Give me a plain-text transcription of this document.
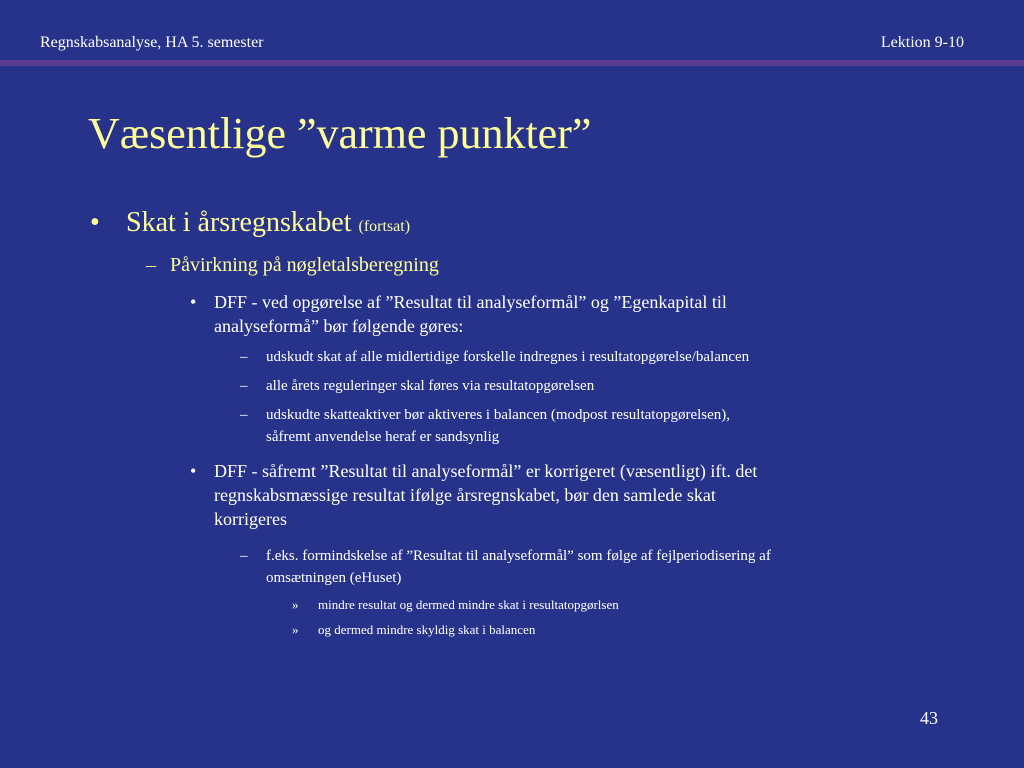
Regnskabsanalyse, HA 5. semester	Lektion 9-10
Væsentlige ”varme punkter”
• Skat i årsregnskabet (fortsat)
– Påvirkning på nøgletalsberegning
• DFF - ved opgørelse af ”Resultat til analyseformål” og ”Egenkapital til
analyseformå” bør følgende gøres:
– udskudt skat af alle midlertidige forskelle indregnes i resultatopgørelse/balancen
– alle årets reguleringer skal føres via resultatopgørelsen
– udskudte skatteaktiver bør aktiveres i balancen (modpost resultatopgørelsen),
såfremt anvendelse heraf er sandsynlig
• DFF - såfremt ”Resultat til analyseformål” er korrigeret (væsentligt) ift. det
regnskabsmæssige resultat ifølge årsregnskabet, bør den samlede skat
korrigeres
– f.eks. formindskelse af ”Resultat til analyseformål” som følge af fejlperiodisering af
omsætningen (eHuset)
» mindre resultat og dermed mindre skat i resultatopgørlsen
» og dermed mindre skyldig skat i balancen
43
